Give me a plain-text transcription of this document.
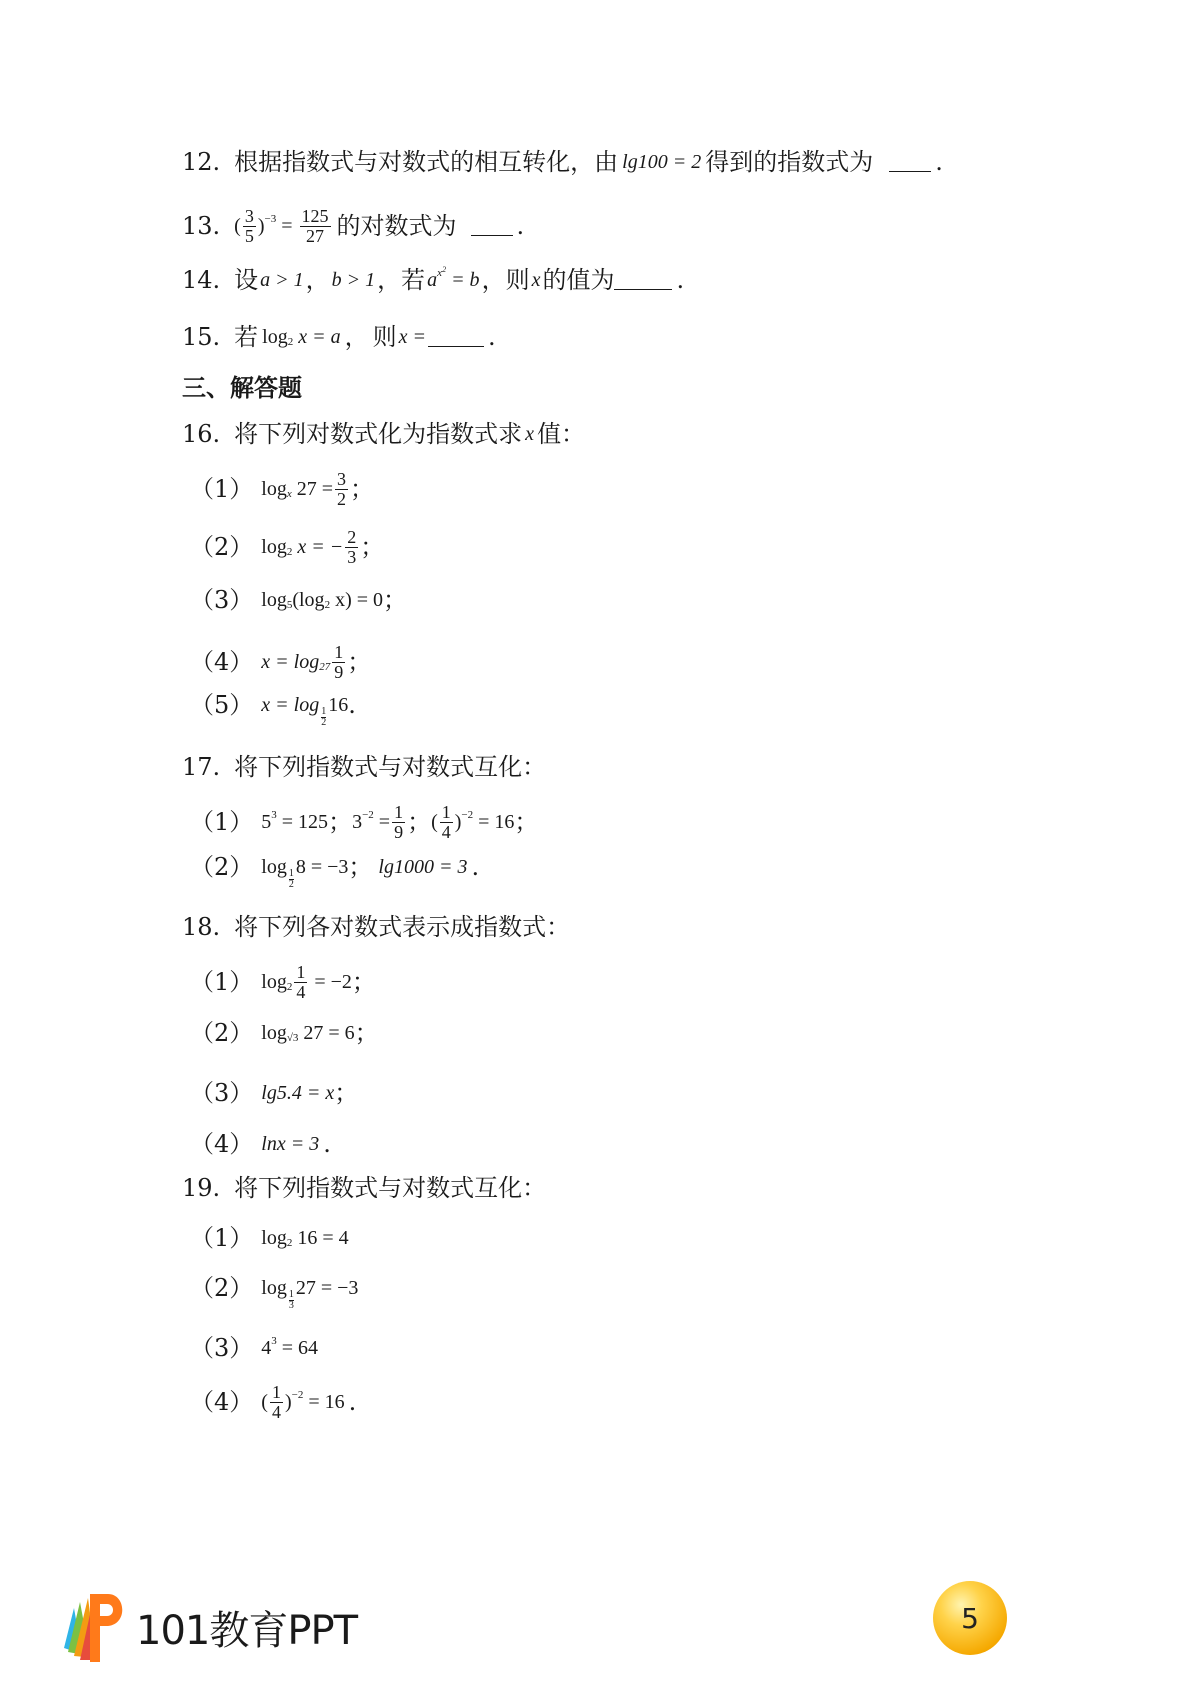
12. 根据指数式与对数式的相互转化，由 lg100 = 2 得到的指数式为	.
13. ( $\frac{3}{5} )^{-3}$
=
$\frac{125}{27}$ 的对数式为	.
14. 设 a > 1 ， b > 1 ， 若 a $^{x^2}$
= b ， 则 x 的值为	.
15. 若 $\log_2$
x = a ， 则 x =	.
三、解答题
16. 将下列对数式化为指数式求 x 值：
（1） $\log_x$
$27 = \frac{3}{2}$ ；
（2） $\log_2$
x = − $\frac{2}{3}$ ；
（3） $\log_5 (\log_2$
x) = 0 ；
（4） $x = \log_{27} \frac{1}{9}$ ；
（5） x = log
$\frac{1}{2}$
16 .
17. 将下列指数式与对数式互化：
（1） $5^3$
= 125 ； $3^{-2}$
= $\frac{1}{9}$ ； ( $\frac{1}{4} )^{-2}$
= 16 ；
（2） log
$\frac{1}{2}$
8 = −3 ； lg1000 = 3 .
18. 将下列各对数式表示成指数式：
（1） $\log_2 \frac{1}{4}$
= −2 ；
（2） $\log_{√3}$
27 = 6 ；
（3） lg5.4 = x ；
（4） lnx = 3 .
19. 将下列指数式与对数式互化：
（1） $\log_2$
16 = 4
（2） log
$\frac{1}{3}$
27 = −3
（3） $4^3$
= 64
（4） ( $\frac{1}{4} )^{-2}$
= 16 .
101教育PPT	5
